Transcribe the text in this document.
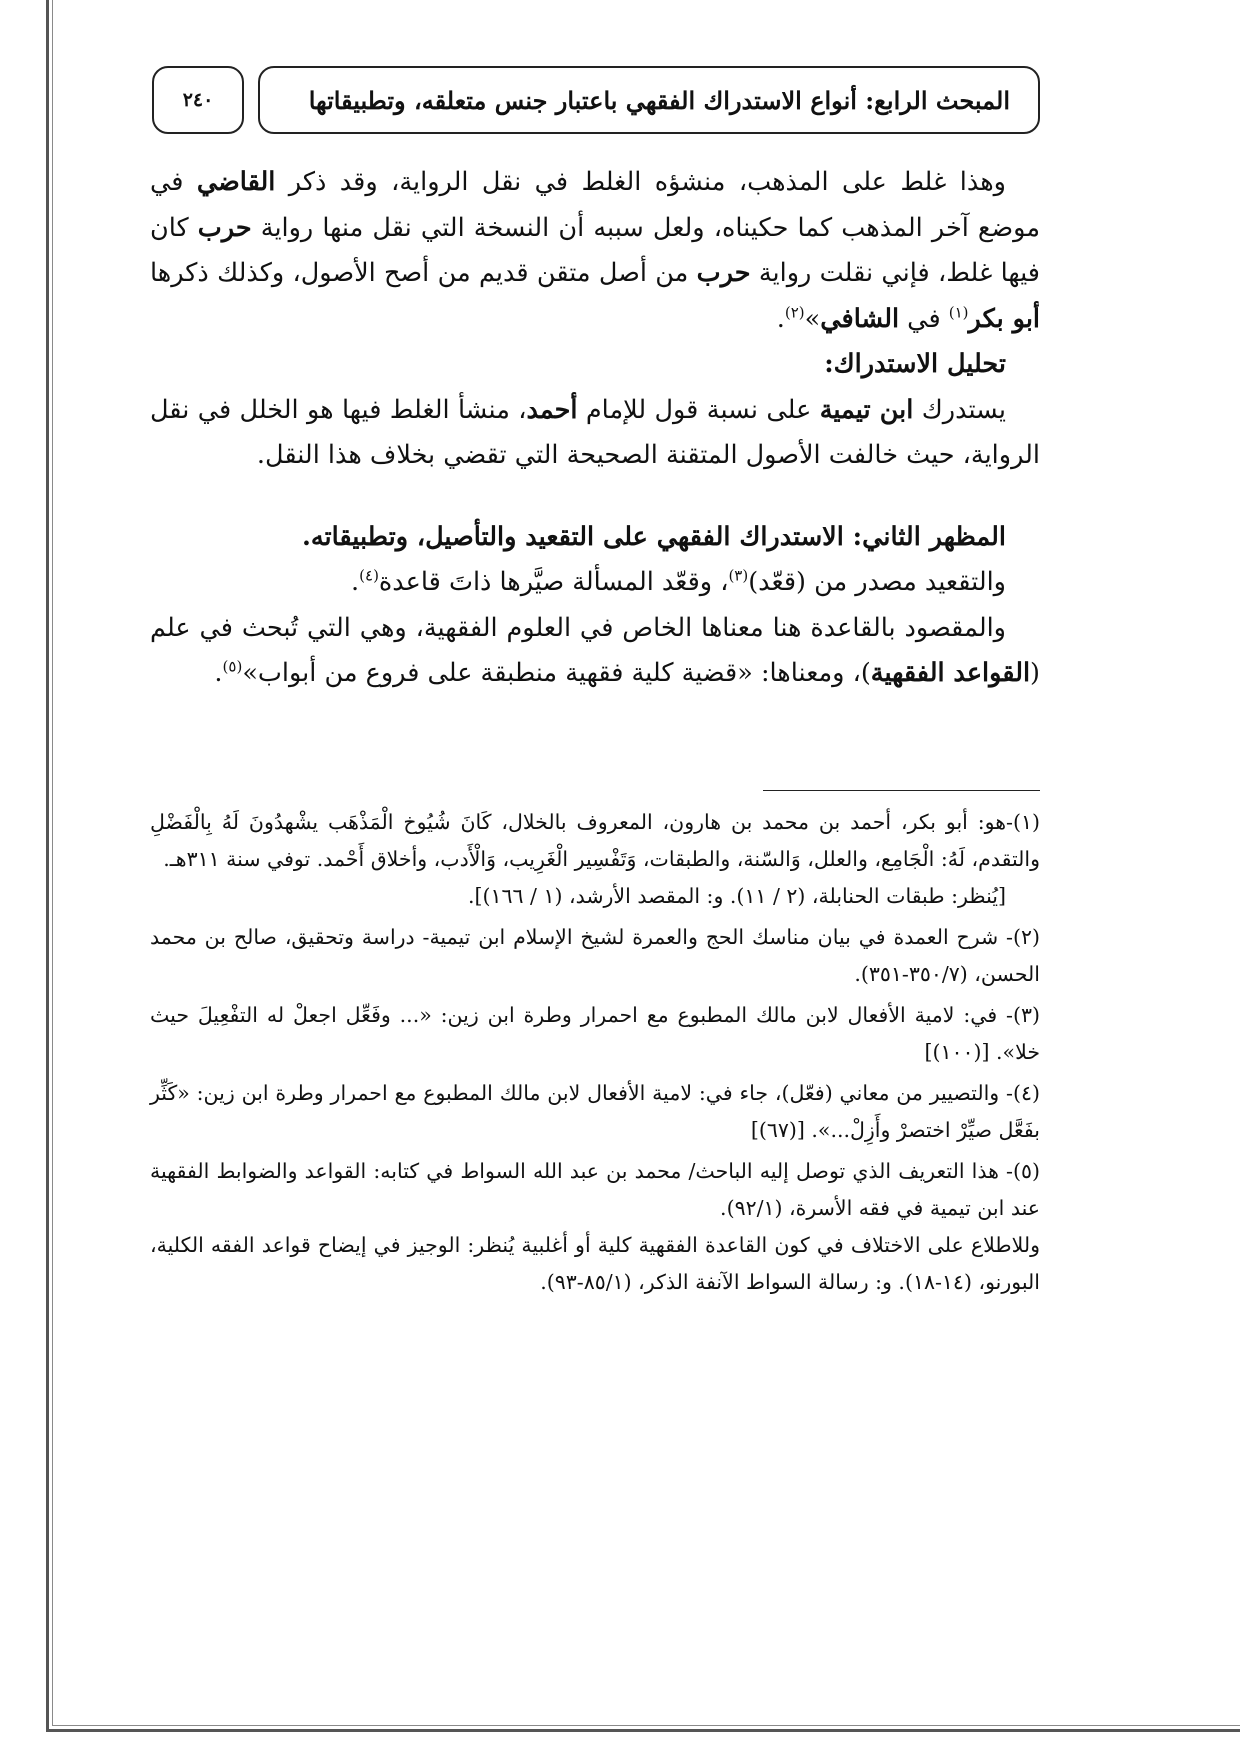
المبحث الرابع: أنواع الاستدراك الفقهي باعتبار جنس متعلقه، وتطبيقاتها
٢٤٠

وهذا غلط على المذهب، منشؤه الغلط في نقل الرواية، وقد ذكر القاضي في موضع آخر المذهب كما حكيناه، ولعل سببه أن النسخة التي نقل منها رواية حرب كان فيها غلط، فإني نقلت رواية حرب من أصل متقن قديم من أصح الأصول، وكذلك ذكرها أبو بكر$^{(١)}$ في الشافي»$^{(٢)}$.

تحليل الاستدراك:

يستدرك ابن تيمية على نسبة قول للإمام أحمد، منشأ الغلط فيها هو الخلل في نقل الرواية، حيث خالفت الأصول المتقنة الصحيحة التي تقضي بخلاف هذا النقل.

المظهر الثاني: الاستدراك الفقهي على التقعيد والتأصيل، وتطبيقاته.

والتقعيد مصدر من (قعّد)$^{(٣)}$، وقعّد المسألة صيَّرها ذاتَ قاعدة$^{(٤)}$.

والمقصود بالقاعدة هنا معناها الخاص في العلوم الفقهية، وهي التي تُبحث في علم (القواعد الفقهية)، ومعناها: «قضية كلية فقهية منطبقة على فروع من أبواب»$^{(٥)}$.

(١)-هو: أبو بكر، أحمد بن محمد بن هارون، المعروف بالخلال، كَانَ شُيُوخ الْمَذْهَب يشْهدُونَ لَهُ بِالْفَضْلِ والتقدم، لَهُ: الْجَامِع، والعلل، وَالسّنة، والطبقات، وَتَفْسِير الْغَرِيب، وَالْأَدب، وأخلاق أَحْمد. توفي سنة ٣١١هـ.

[يُنظر: طبقات الحنابلة، (٢ / ١١). و: المقصد الأرشد، (١ / ١٦٦)].

(٢)- شرح العمدة في بيان مناسك الحج والعمرة لشيخ الإسلام ابن تيمية- دراسة وتحقيق، صالح بن محمد الحسن، (٣٥٠/٧-٣٥١).

(٣)- في: لامية الأفعال لابن مالك المطبوع مع احمرار وطرة ابن زين: «... وفَعِّل اجعلْ له التفْعِيلَ حيث خلا». [(١٠٠)]

(٤)- والتصيير من معاني (فعّل)، جاء في: لامية الأفعال لابن مالك المطبوع مع احمرار وطرة ابن زين: «كَثِّر بفَعَّل صيِّرْ اختصرْ وأَزِلْ...». [(٦٧)]

(٥)- هذا التعريف الذي توصل إليه الباحث/ محمد بن عبد الله السواط في كتابه: القواعد والضوابط الفقهية عند ابن تيمية في فقه الأسرة، (٩٢/١).

وللاطلاع على الاختلاف في كون القاعدة الفقهية كلية أو أغلبية يُنظر: الوجيز في إيضاح قواعد الفقه الكلية، البورنو، (١٤-١٨). و: رسالة السواط الآنفة الذكر، (٨٥/١-٩٣).
